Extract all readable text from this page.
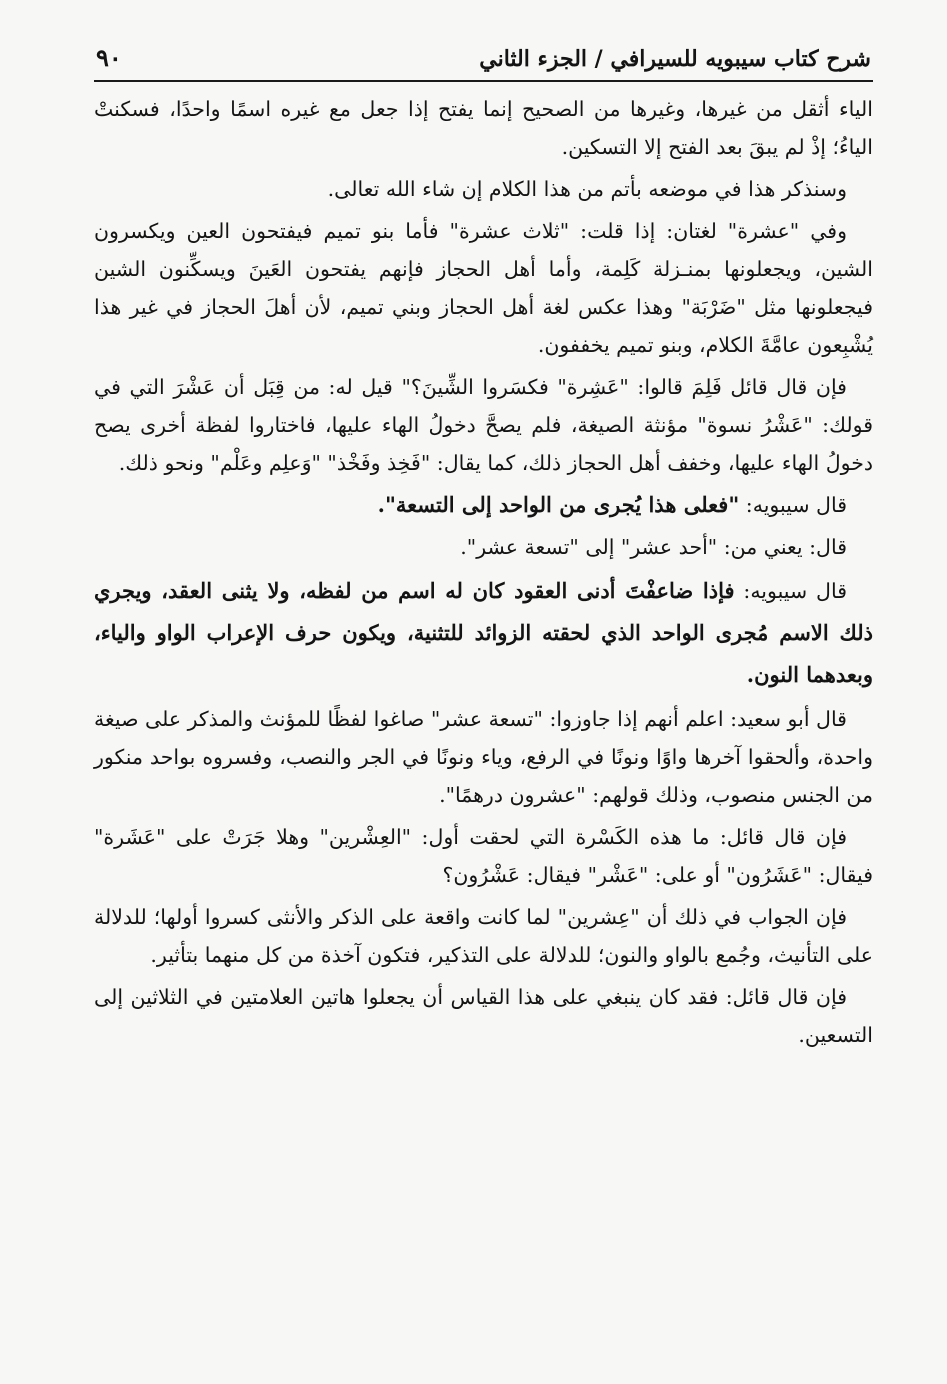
شرح كتاب سيبويه للسيرافي / الجزء الثاني
٩٠

الياء أثقل من غيرها، وغيرها من الصحيح إنما يفتح إذا جعل مع غيره اسمًا واحدًا، فسكنتْ الياءُ؛ إذْ لم يبقَ بعد الفتح إلا التسكين.

وسنذكر هذا في موضعه بأتم من هذا الكلام إن شاء الله تعالى.

وفي "عشرة" لغتان: إذا قلت: "ثلاث عشرة" فأما بنو تميم فيفتحون العين ويكسرون الشين، ويجعلونها بمنـزلة كَلِمة، وأما أهل الحجاز فإنهم يفتحون العَينَ ويسكِّنون الشين فيجعلونها مثل "ضَرْبَة" وهذا عكس لغة أهل الحجاز وبني تميم، لأن أهلَ الحجاز في غير هذا يُشْبِعون عامَّةَ الكلام، وبنو تميم يخففون.

فإن قال قائل فَلِمَ قالوا: "عَشِرة" فكسَروا الشِّينَ؟" قيل له: من قِبَل أن عَشْرَ التي في قولك: "عَشْرُ نسوة" مؤنثة الصيغة، فلم يصحَّ دخولُ الهاء عليها، فاختاروا لفظة أخرى يصح دخولُ الهاء عليها، وخفف أهل الحجاز ذلك، كما يقال: "فَخِذ وفَخْذ" "وَعلِم وعَلْم" ونحو ذلك.

قال سيبويه: "فعلى هذا يُجرى من الواحد إلى التسعة".

قال: يعني من: "أحد عشر" إلى "تسعة عشر".

قال سيبويه: فإذا ضاعفْتَ أدنى العقود كان له اسم من لفظه، ولا يثنى العقد، ويجري ذلك الاسم مُجرى الواحد الذي لحقته الزوائد للتثنية، ويكون حرف الإعراب الواو والياء، وبعدهما النون.

قال أبو سعيد: اعلم أنهم إذا جاوزوا: "تسعة عشر" صاغوا لفظًا للمؤنث والمذكر على صيغة واحدة، وألحقوا آخرها واوًا ونونًا في الرفع، وياء ونونًا في الجر والنصب، وفسروه بواحد منكور من الجنس منصوب، وذلك قولهم: "عشرون درهمًا".

فإن قال قائل: ما هذه الكَسْرة التي لحقت أول: "العِشْرين" وهلا جَرَتْ على "عَشَرة" فيقال: "عَشَرُون" أو على: "عَشْر" فيقال: عَشْرُون؟

فإن الجواب في ذلك أن "عِشرين" لما كانت واقعة على الذكر والأنثى كسروا أولها؛ للدلالة على التأنيث، وجُمع بالواو والنون؛ للدلالة على التذكير، فتكون آخذة من كل منهما بتأثير.

فإن قال قائل: فقد كان ينبغي على هذا القياس أن يجعلوا هاتين العلامتين في الثلاثين إلى التسعين.
